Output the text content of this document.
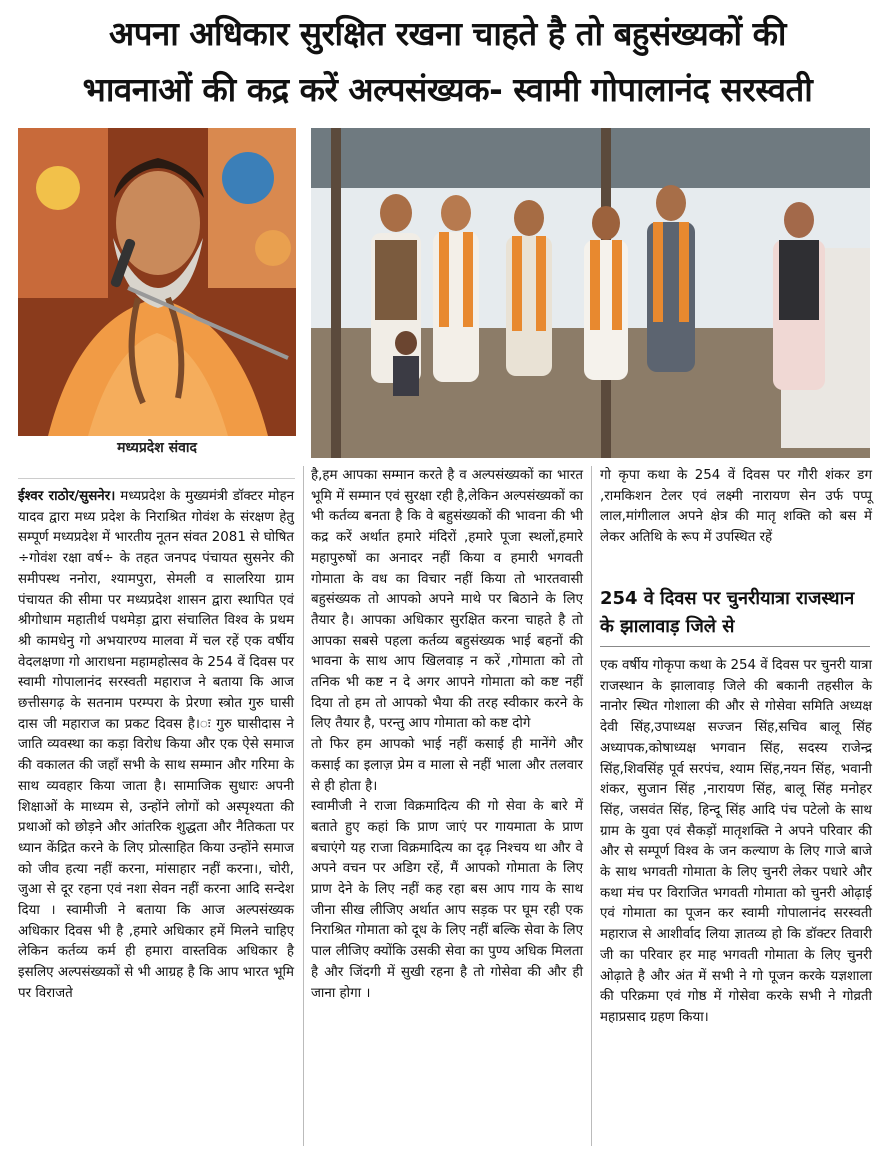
अपना अधिकार सुरक्षित रखना चाहते है तो बहुसंख्यकों की
भावनाओं की कद्र करें अल्पसंख्यक- स्वामी गोपालानंद सरस्वती
मध्यप्रदेश संवाद

ईश्वर राठोर/सुसनेर। मध्यप्रदेश के मुख्यमंत्री डॉक्टर मोहन यादव द्वारा मध्य प्रदेश के निराश्रित गोवंश के संरक्षण हेतु सम्पूर्ण मध्यप्रदेश में भारतीय नूतन संवत 2081 से घोषित ÷गोवंश रक्षा वर्ष÷ के तहत जनपद पंचायत सुसनेर की समीपस्थ ननोरा, श्यामपुरा, सेमली व सालरिया ग्राम पंचायत की सीमा पर मध्यप्रदेश शासन द्वारा स्थापित एवं श्रीगोधाम महातीर्थ पथमेड़ा द्वारा संचालित विश्व के प्रथम श्री कामधेनु गो अभयारण्य मालवा में चल रहें एक वर्षीय वेदलक्षणा गो आराधना महामहोत्सव के 254 वें दिवस पर स्वामी गोपालानंद सरस्वती महाराज ने बताया कि आज छत्तीसगढ़ के सतनाम परम्परा के प्रेरणा स्त्रोत गुरु घासी दास जी महाराज का प्रकट दिवस है।ः गुरु घासीदास ने जाति व्यवस्था का कड़ा विरोध किया और एक ऐसे समाज की वकालत की जहाँ सभी के साथ सम्मान और गरिमा के साथ व्यवहार किया जाता है। सामाजिक सुधारः अपनी शिक्षाओं के माध्यम से, उन्होंने लोगों को अस्पृश्यता की प्रथाओं को छोड़ने और आंतरिक शुद्धता और नैतिकता पर ध्यान केंद्रित करने के लिए प्रोत्साहित किया उन्होंने समाज को जीव हत्या नहीं करना, मांसाहार नहीं करना।, चोरी, जुआ से दूर रहना एवं नशा सेवन नहीं करना आदि सन्देश दिया । स्वामीजी ने बताया कि आज अल्पसंख्यक अधिकार दिवस भी है ,हमारे अधिकार हमें मिलने चाहिए लेकिन कर्तव्य कर्म ही हमारा वास्तविक अधिकार है इसलिए अल्पसंख्यकों से भी आग्रह है कि आप भारत भूमि पर विराजते

है,हम आपका सम्मान करते है व अल्पसंख्यकों का भारत भूमि में सम्मान एवं सुरक्षा रही है,लेकिन अल्पसंख्यकों का भी कर्तव्य बनता है कि वे बहुसंख्यकों की भावना की भी कद्र करें अर्थात हमारे मंदिरों ,हमारे पूजा स्थलों,हमारे महापुरुषों का अनादर नहीं किया व हमारी भगवती गोमाता के वध का विचार नहीं किया तो भारतवासी बहुसंख्यक तो आपको अपने माथे पर बिठाने के लिए तैयार है। आपका अधिकार सुरक्षित करना चाहते है तो आपका सबसे पहला कर्तव्य बहुसंख्यक भाई बहनों की भावना के साथ आप खिलवाड़ न करें ,गोमाता को तो तनिक भी कष्ट न दे अगर आपने गोमाता को कष्ट नहीं दिया तो हम तो आपको भैया की तरह स्वीकार करने के लिए तैयार है, परन्तु आप गोमाता को कष्ट दोगे

तो फिर हम आपको भाई नहीं कसाई ही मानेंगे और कसाई का इलाज़ प्रेम व माला से नहीं भाला और तलवार से ही होता है।

स्वामीजी ने राजा विक्रमादित्य की गो सेवा के बारे में बताते हुए कहां कि प्राण जाएं पर गायमाता के प्राण बचाएंगे यह राजा विक्रमादित्य का दृढ़ निश्चय था और वे अपने वचन पर अडिग रहें, मैं आपको गोमाता के लिए प्राण देने के लिए नहीं कह रहा बस आप गाय के साथ जीना सीख लीजिए अर्थात आप सड़क पर घूम रही एक निराश्रित गोमाता को दूध के लिए नहीं बल्कि सेवा के लिए पाल लीजिए क्योंकि उसकी सेवा का पुण्य अधिक मिलता है और जिंदगी में सुखी रहना है तो गोसेवा की और ही जाना होगा ।

गो कृपा कथा के 254 वें दिवस पर गौरी शंकर डग ,रामकिशन टेलर एवं लक्ष्मी नारायण सेन उर्फ पप्पू लाल,मांगीलाल अपने क्षेत्र की मातृ शक्ति को बस में लेकर अतिथि के रूप में उपस्थित रहें

254 वे दिवस पर चुनरीयात्रा राजस्थान के झालावाड़ जिले से

एक वर्षीय गोकृपा कथा के 254 वें दिवस पर चुनरी यात्रा राजस्थान के झालावाड़ जिले की बकानी तहसील के नानोर स्थित गोशाला की और से गोसेवा समिति अध्यक्ष देवी सिंह,उपाध्यक्ष सज्जन सिंह,सचिव बालू सिंह अध्यापक,कोषाध्यक्ष भगवान सिंह, सदस्य राजेन्द्र सिंह,शिवसिंह पूर्व सरपंच, श्याम सिंह,नयन सिंह, भवानी शंकर, सुजान सिंह ,नारायण सिंह, बालू सिंह मनोहर सिंह, जसवंत सिंह, हिन्दू सिंह आदि पंच पटेलो के साथ ग्राम के युवा एवं सैकड़ों मातृशक्ति ने अपने परिवार की और से सम्पूर्ण विश्व के जन कल्याण के लिए गाजे बाजे के साथ भगवती गोमाता के लिए चुनरी लेकर पधारे और कथा मंच पर विराजित भगवती गोमाता को चुनरी ओढ़ाई एवं गोमाता का पूजन कर स्वामी गोपालानंद सरस्वती महाराज से आशीर्वाद लिया ज्ञातव्य हो कि डॉक्टर तिवारी जी का परिवार हर माह भगवती गोमाता के लिए चुनरी ओढ़ाते है और अंत में सभी ने गो पूजन करके यज्ञशाला की परिक्रमा एवं गोष्ठ में गोसेवा करके सभी ने गोव्रती महाप्रसाद ग्रहण किया।
